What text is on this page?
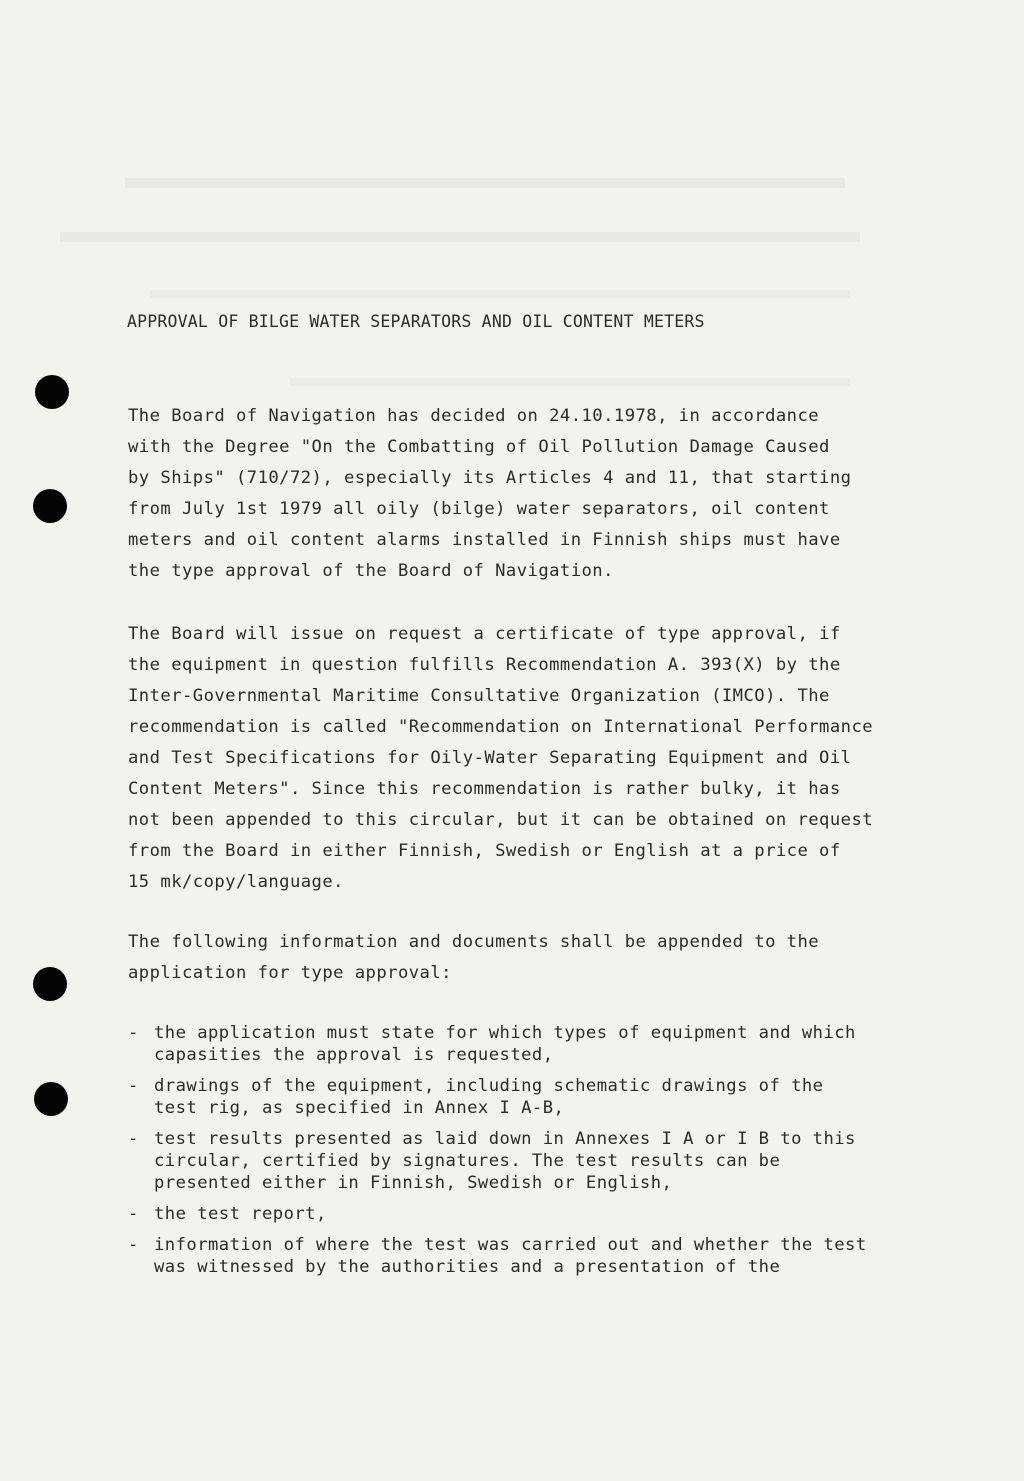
APPROVAL OF BILGE WATER SEPARATORS AND OIL CONTENT METERS
The Board of Navigation has decided on 24.10.1978, in accordance
with the Degree "On the Combatting of Oil Pollution Damage Caused
by Ships" (710/72), especially its Articles 4 and 11, that starting
from July 1st 1979 all oily (bilge) water separators, oil content
meters and oil content alarms installed in Finnish ships must have
the type approval of the Board of Navigation.
The Board will issue on request a certificate of type approval, if
the equipment in question fulfills Recommendation A. 393(X) by the
Inter-Governmental Maritime Consultative Organization (IMCO). The
recommendation is called "Recommendation on International Performance
and Test Specifications for Oily-Water Separating Equipment and Oil
Content Meters". Since this recommendation is rather bulky, it has
not been appended to this circular, but it can be obtained on request
from the Board in either Finnish, Swedish or English at a price of
15 mk/copy/language.
The following information and documents shall be appended to the
application for type approval:
- the application must state for which types of equipment and which
capasities the approval is requested,
- drawings of the equipment, including schematic drawings of the
test rig, as specified in Annex I A-B,
- test results presented as laid down in Annexes I A or I B to this
circular, certified by signatures. The test results can be
presented either in Finnish, Swedish or English,
- the test report,
- information of where the test was carried out and whether the test
was witnessed by the authorities and a presentation of the
